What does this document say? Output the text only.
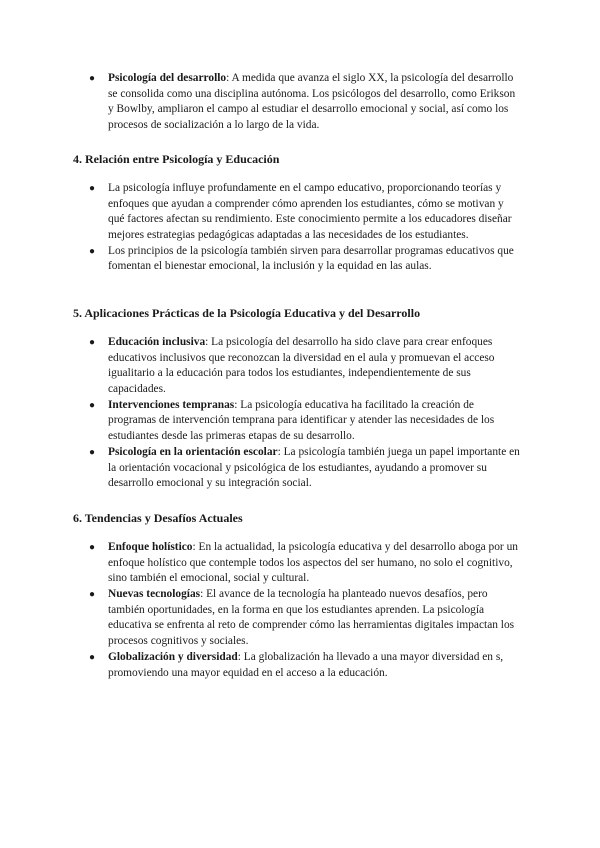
● Psicología del desarrollo: A medida que avanza el siglo XX, la psicología del desarrollo se consolida como una disciplina autónoma. Los psicólogos del desarrollo, como Erikson y Bowlby, ampliaron el campo al estudiar el desarrollo emocional y social, así como los procesos de socialización a lo largo de la vida.
4. Relación entre Psicología y Educación
● La psicología influye profundamente en el campo educativo, proporcionando teorías y enfoques que ayudan a comprender cómo aprenden los estudiantes, cómo se motivan y qué factores afectan su rendimiento. Este conocimiento permite a los educadores diseñar mejores estrategias pedagógicas adaptadas a las necesidades de los estudiantes.
● Los principios de la psicología también sirven para desarrollar programas educativos que fomentan el bienestar emocional, la inclusión y la equidad en las aulas.
5. Aplicaciones Prácticas de la Psicología Educativa y del Desarrollo
● Educación inclusiva: La psicología del desarrollo ha sido clave para crear enfoques educativos inclusivos que reconozcan la diversidad en el aula y promuevan el acceso igualitario a la educación para todos los estudiantes, independientemente de sus capacidades.
● Intervenciones tempranas: La psicología educativa ha facilitado la creación de programas de intervención temprana para identificar y atender las necesidades de los estudiantes desde las primeras etapas de su desarrollo.
● Psicología en la orientación escolar: La psicología también juega un papel importante en la orientación vocacional y psicológica de los estudiantes, ayudando a promover su desarrollo emocional y su integración social.
6. Tendencias y Desafíos Actuales
● Enfoque holístico: En la actualidad, la psicología educativa y del desarrollo aboga por un enfoque holístico que contemple todos los aspectos del ser humano, no solo el cognitivo, sino también el emocional, social y cultural.
● Nuevas tecnologías: El avance de la tecnología ha planteado nuevos desafíos, pero también oportunidades, en la forma en que los estudiantes aprenden. La psicología educativa se enfrenta al reto de comprender cómo las herramientas digitales impactan los procesos cognitivos y sociales.
● Globalización y diversidad: La globalización ha llevado a una mayor diversidad en s, promoviendo una mayor equidad en el acceso a la educación.
